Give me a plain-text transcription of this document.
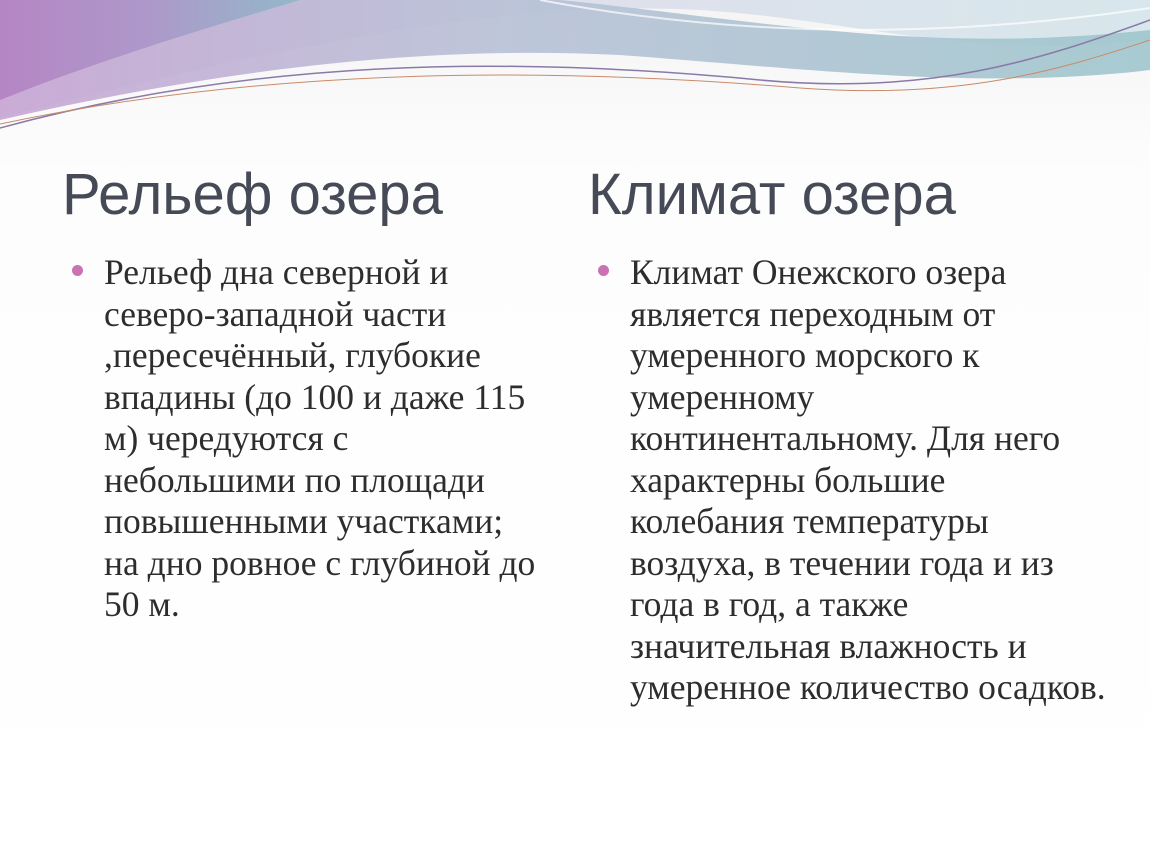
Рельеф озера

Рельеф дна северной и северо-западной части ,пересечённый, глубокие впадины (до 100 и даже 115 м) чередуются с небольшими по площади повышенными участками; на дно ровное с глубиной до 50 м.

Климат озера

Климат Онежского озера является переходным от умеренного морского к умеренному континентальному. Для него характерны большие колебания температуры воздуха, в течении года и из года в год, а также значительная влажность и умеренное количество осадков.
